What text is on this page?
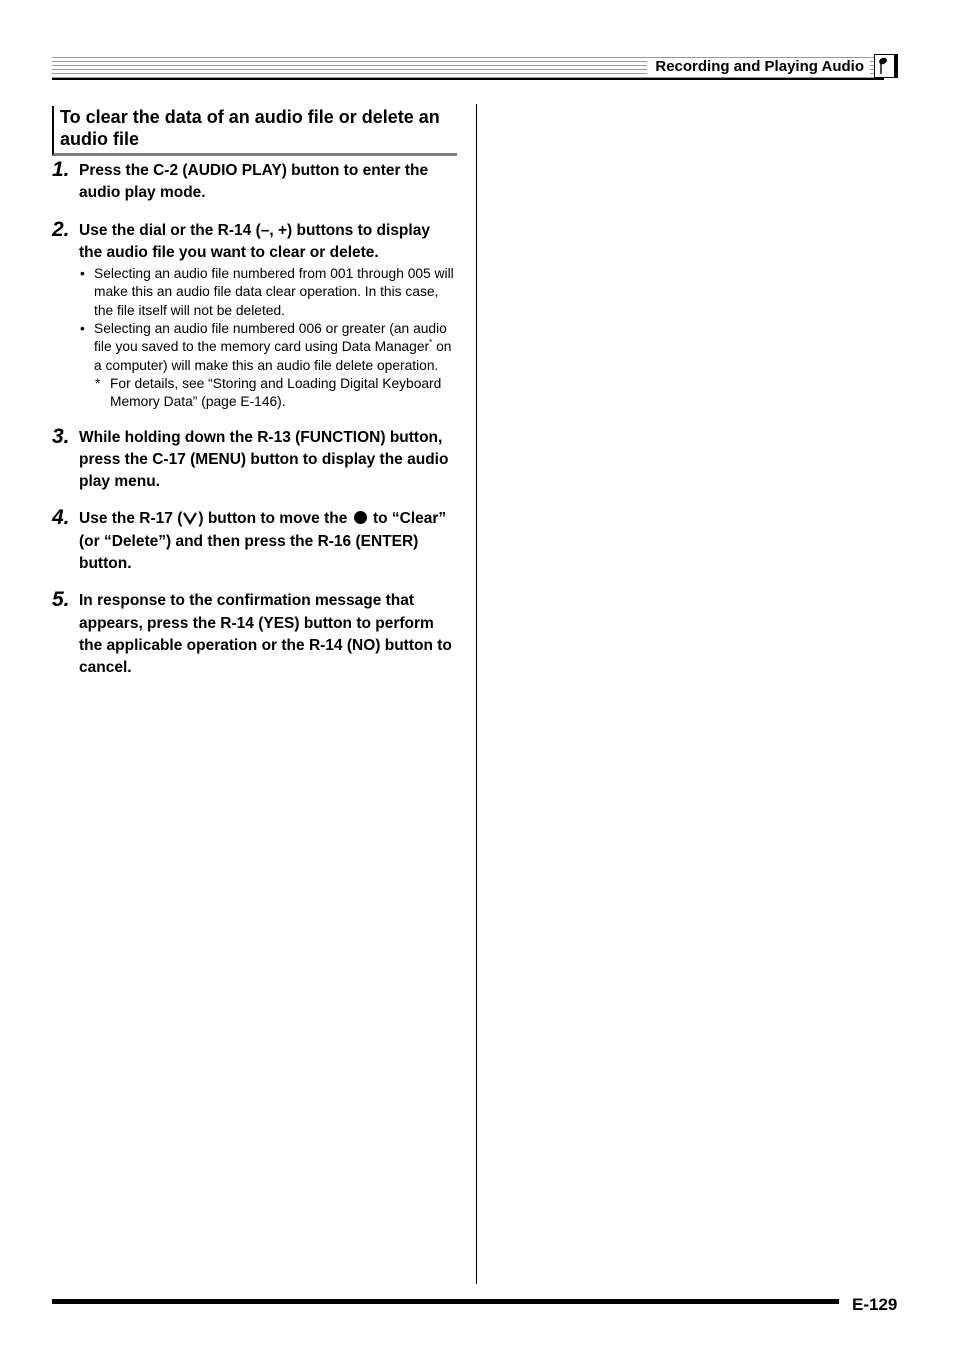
Recording and Playing Audio
To clear the data of an audio file or delete an audio file
1. Press the C-2 (AUDIO PLAY) button to enter the audio play mode.
2. Use the dial or the R-14 (–, +) buttons to display the audio file you want to clear or delete.
• Selecting an audio file numbered from 001 through 005 will make this an audio file data clear operation. In this case, the file itself will not be deleted.
• Selecting an audio file numbered 006 or greater (an audio file you saved to the memory card using Data Manager* on a computer) will make this an audio file delete operation.
* For details, see “Storing and Loading Digital Keyboard Memory Data” (page E-146).
3. While holding down the R-13 (FUNCTION) button, press the C-17 (MENU) button to display the audio play menu.
4. Use the R-17 ( ) button to move the  to “Clear” (or “Delete”) and then press the R-16 (ENTER) button.
5. In response to the confirmation message that appears, press the R-14 (YES) button to perform the applicable operation or the R-14 (NO) button to cancel.
E-129
